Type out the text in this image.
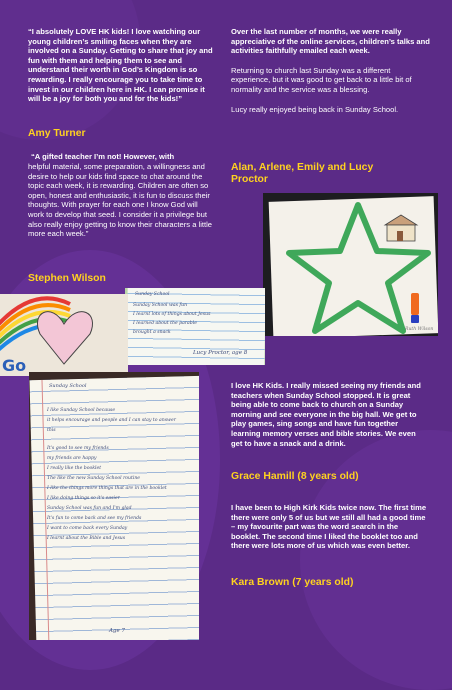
“I absolutely LOVE HK kids! I love watching our young children’s smiling faces when they are involved on a Sunday. Getting to share that joy and fun with them and helping them to see and understand their worth in God’s Kingdom is so rewarding. I really encourage you to take time to invest in our children here in HK. I can promise it will be a joy for both you and for the kids!”

Amy Turner

“A gifted teacher I’m not! However, with

helpful material, some preparation, a willingness and desire to help our kids find space to chat around the topic each week, it is rewarding. Children are often so open, honest and enthusiastic, it is fun to discuss their thoughts. With prayer for each one I know God will work to develop that seed. I consider it a privilege but also really enjoy getting to know their characters a little more each week.”

Stephen Wilson

Over the last number of months, we were really appreciative of the online services, children’s talks and activities faithfully emailed each week.

Returning to church last Sunday was a different experience, but it was good to get back to a little bit of normality and the service was a blessing.

Lucy really enjoyed being back in Sunday School.

Alan, Arlene, Emily and Lucy Proctor

Ruth Wilson
Sunday School
Sunday School was fun
I learnt lots of things about Jesus
I learned about the parable
brought a snack
Lucy Proctor, age 8
Go
Sunday School
I like Sunday School because
it helps encourage and people and I can stay to answer
this
It's good to see my friends
my friends are happy
I really like the booklet
The like the new Sunday School routine
I like the things more things that are in the booklet
I like doing things so it's easier
Sunday School was fun and I'm glad
It's fun to come back and see my friends
I want to come back every Sunday
I learnt about the Bible and Jesus
Age 7

I love HK Kids. I really missed seeing my friends and teachers when Sunday School stopped. It is great being able to come back to church on a Sunday morning and see everyone in the big hall. We get to play games, sing songs and have fun together learning memory verses and bible stories. We even get to have a snack and a drink.

Grace Hamill (8 years old)

I have been to High Kirk Kids twice now. The first time there were only 5 of us but we still all had a good time – my favourite part was the word search in the booklet. The second time I liked the booklet too and there were lots more of us which was even better.

Kara Brown (7 years old)
